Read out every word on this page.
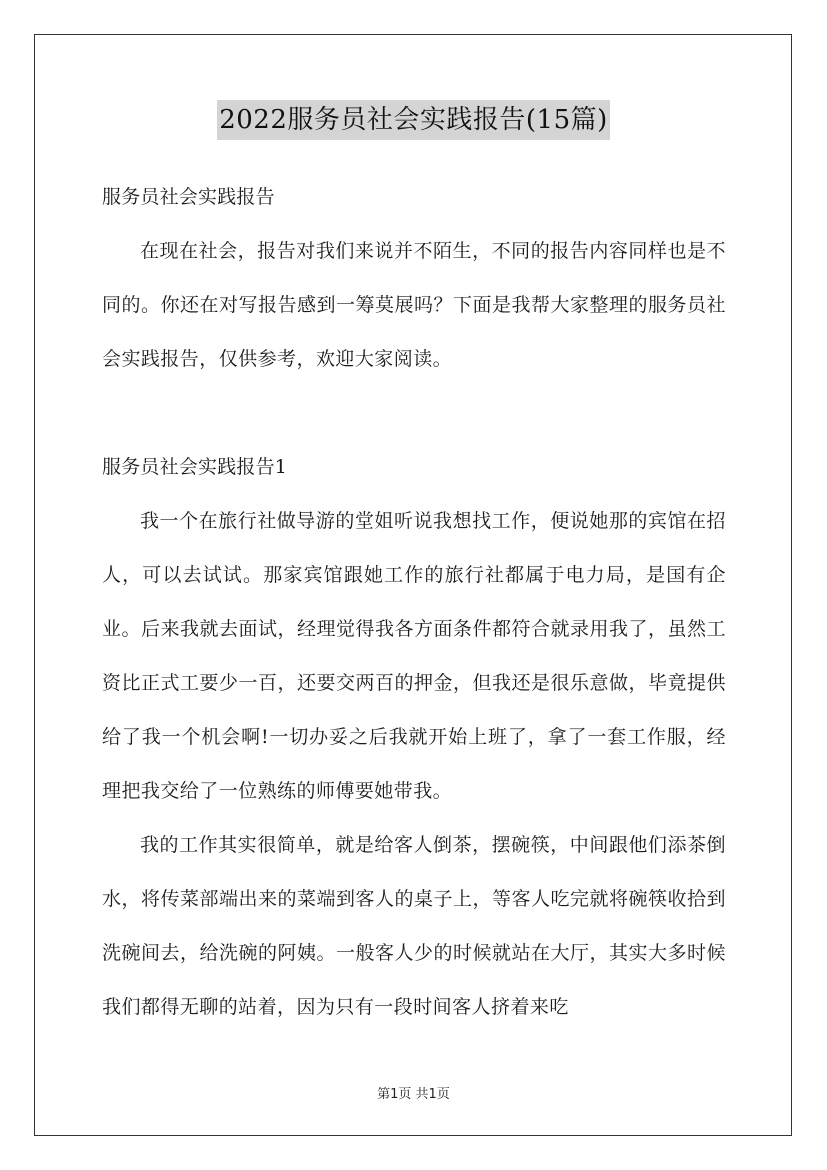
2022服务员社会实践报告(15篇)

服务员社会实践报告

在现在社会，报告对我们来说并不陌生，不同的报告内容同样也是不同的。你还在对写报告感到一筹莫展吗？下面是我帮大家整理的服务员社会实践报告，仅供参考，欢迎大家阅读。

服务员社会实践报告1

我一个在旅行社做导游的堂姐听说我想找工作，便说她那的宾馆在招人，可以去试试。那家宾馆跟她工作的旅行社都属于电力局，是国有企业。后来我就去面试，经理觉得我各方面条件都符合就录用我了，虽然工资比正式工要少一百，还要交两百的押金，但我还是很乐意做，毕竟提供给了我一个机会啊!一切办妥之后我就开始上班了，拿了一套工作服，经理把我交给了一位熟练的师傅要她带我。

我的工作其实很简单，就是给客人倒茶，摆碗筷，中间跟他们添茶倒水，将传菜部端出来的菜端到客人的桌子上，等客人吃完就将碗筷收拾到洗碗间去，给洗碗的阿姨。一般客人少的时候就站在大厅，其实大多时候我们都得无聊的站着，因为只有一段时间客人挤着来吃

第1页 共1页
